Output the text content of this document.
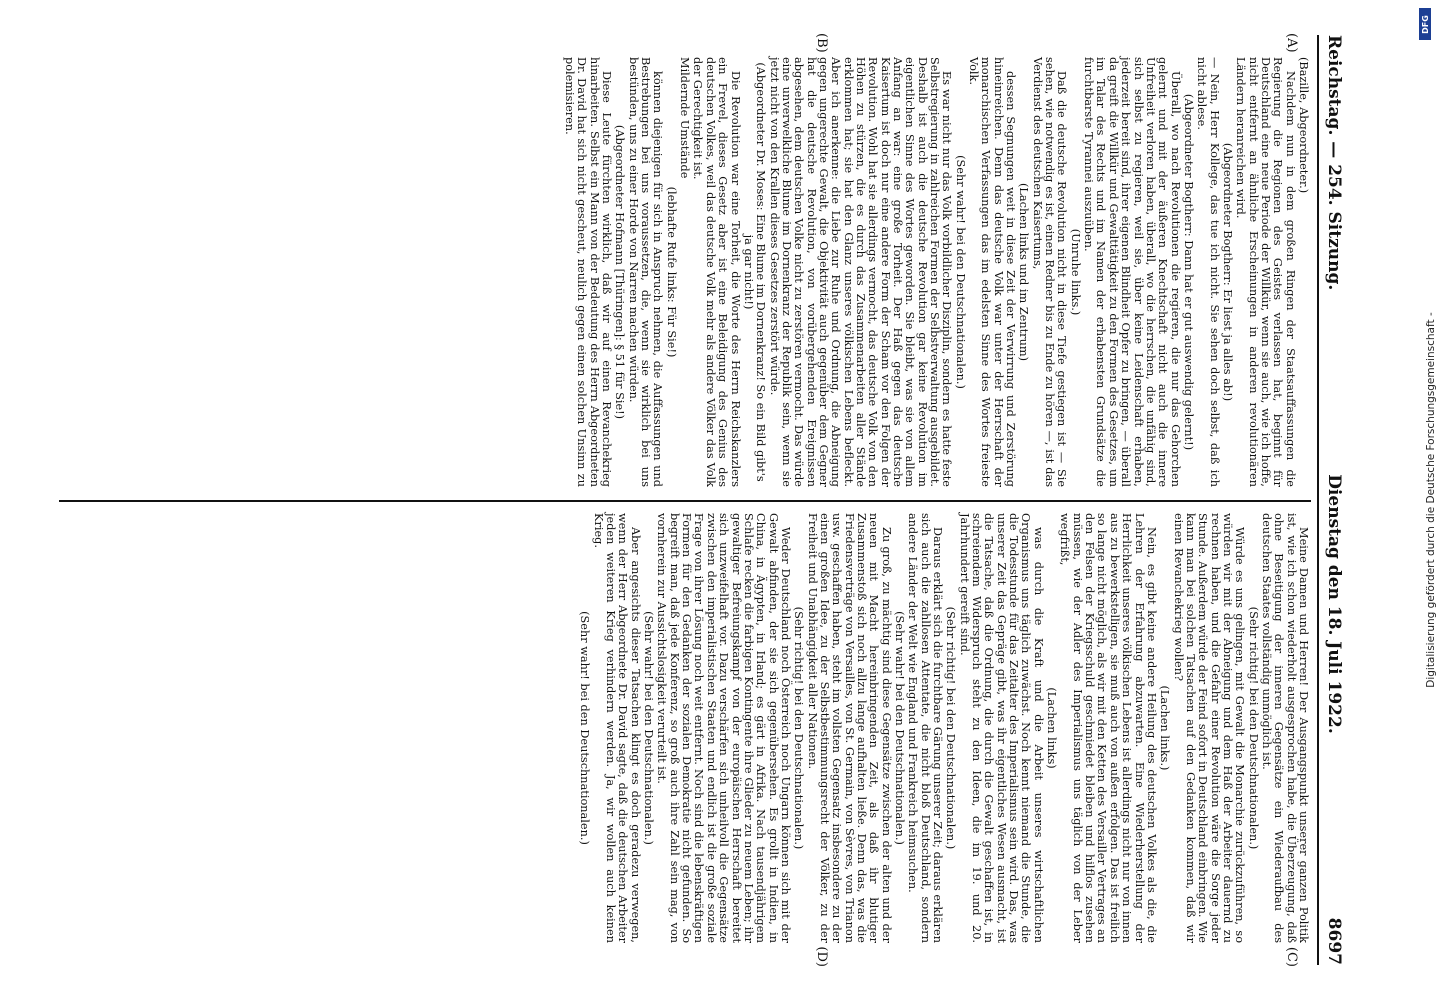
Reichstag. — 254. Sitzung.
Dienstag den 18. Juli 1922.
8697
(A)
(B)
(C)
(D)

(Bazille, Abgeordneter.)

Nachdem nun in dem großen Ringen der Staatsauffassungen die Regierung die Regionen des Geistes verlassen hat, beginnt für Deutschland eine neue Periode der Willkür, wenn sie auch, wie ich hoffe, nicht entfernt an ähnliche Erscheinungen in anderen revolutionären Ländern heranreichen wird.

(Abgeordneter Bogtherr: Er liest ja alles ab!)

— Nein, Herr Kollege, das tue ich nicht. Sie sehen doch selbst, daß ich nicht ablese.

(Abgeordneter Bogtherr: Dann hat er gut auswendig gelernt!)

Überall, wo nach Revolutionen die regieren, die nur das Gehorchen gelernt und mit der äußeren Knechtschaft nicht auch die innere Unfreiheit verloren haben, überall, wo die herrschen, die unfähig sind, sich selbst zu regieren, weil sie, über keine Leidenschaft erhaben, jederzeit bereit sind, ihrer eigenen Blindheit Opfer zu bringen, — überall da greift die Willkür und Gewalttätigkeit zu den Formen des Gesetzes, um im Talar des Rechts und im Namen der erhabensten Grundsätze die furchtbarste Tyrannei auszuüben.

(Unruhe links.)

Daß die deutsche Revolution nicht in diese Tiefe gestiegen ist — Sie sehen, wie notwendig es ist, einen Redner bis zu Ende zu hören —, ist das Verdienst des deutschen Kaisertums,

(Lachen links und im Zentrum)

dessen Segnungen weit in diese Zeit der Verwirrung und Zerstörung hineinreichen. Denn das deutsche Volk war unter der Herrschaft der monarchischen Verfassungen das im edelsten Sinne des Wortes freieste Volk.

(Sehr wahr! bei den Deutschnationalen.)

Es war nicht nur das Volk vorbildlicher Disziplin, sondern es hatte feste Selbstregierung in zahlreichen Formen der Selbstverwaltung ausgebildet. Deshalb ist auch die deutsche Revolution gar keine Revolution im eigentlichen Sinne des Wortes geworden. Sie bleibt, was sie von allem Anfang an war: eine große Torheit. Der Haß gegen das deutsche Kaisertum ist doch nur eine andere Form der Scham vor den Folgen der Revolution. Wohl hat sie allerdings vermocht, das deutsche Volk von den Höhen zu stürzen, die es durch das Zusammenarbeiten aller Stände erklommen hat; sie hat den Glanz unseres völkischen Lebens befleckt. Aber ich anerkenne: die Liebe zur Ruhe und Ordnung, die Abneigung gegen ungerechte Gewalt, die Objektivität auch gegenüber dem Gegner hat die deutsche Revolution, von vorübergehenden Ereignissen abgesehen, dem deutschen Volke nicht zu zerstören vermocht. Das würde eine unverwelkliche Blume im Dornenkranz der Republik sein, wenn sie jetzt nicht von den Krallen dieses Gesetzes zerstört würde.

(Abgeordneter Dr. Moses: Eine Blume im Dornenkranz! So ein Bild gibt's ja gar nicht!)

Die Revolution war eine Torheit, die Worte des Herrn Reichskanzlers ein Frevel, dieses Gesetz aber ist eine Beleidigung des Genius des deutschen Volkes, weil das deutsche Volk mehr als andere Völker das Volk der Gerechtigkeit ist.

Mildernde Umstände

(lebhafte Rufe links: Für Sie!)

können diejenigen für sich in Anspruch nehmen, die Auffassungen und Bestrebungen bei uns voraussetzen, die, wenn sie wirklich bei uns bestünden, uns zu einer Horde von Narren machen würden.

(Abgeordneter Hofmann [Thüringen]: § 51 für Sie!)

Diese Leute fürchten wirklich, daß wir auf einen Revanchekrieg hinarbeiten. Selbst ein Mann von der Bedeutung des Herrn Abgeordneten Dr. David hat sich nicht gescheut, neulich gegen einen solchen Unsinn zu polemisieren.

Meine Damen und Herren! Der Ausgangspunkt unserer ganzen Politik ist, wie ich schon wiederholt ausgesprochen habe, die Überzeugung, daß ohne Beseitigung der inneren Gegensätze ein Wiederaufbau des deutschen Staates vollständig unmöglich ist.

(Sehr richtig! bei den Deutschnationalen.)

Würde es uns gelingen, mit Gewalt die Monarchie zurückzuführen, so würden wir mit der Abneigung und dem Haß der Arbeiter dauernd zu rechnen haben, und die Gefahr einer Revolution wäre die Sorge jeder Stunde. Außerdem würde der Feind sofort in Deutschland einbringen. Wie kann man bei solchen Tatsachen auf den Gedanken kommen, daß wir einen Revanchekrieg wollen?

(Lachen links.)

Nein, es gibt keine andere Heilung des deutschen Volkes als die, die Lehren der Erfahrung abzuwarten. Eine Wiederherstellung der Herrlichkeit unseres völkischen Lebens ist allerdings nicht nur von innen aus zu bewerkstelligen, sie muß auch von außen erfolgen. Das ist freilich so lange nicht möglich, als wir mit den Ketten des Versailler Vertrages an den Felsen der Kriegsschuld geschmiedet bleiben und hilflos zusehen müssen, wie der Adler des Imperialismus uns täglich von der Leber wegfrißt,

(Lachen links)

was durch die Kraft und die Arbeit unseres wirtschaftlichen Organismus uns täglich zuwächst. Noch kennt niemand die Stunde, die die Todesstunde für das Zeitalter des Imperialismus sein wird. Das, was unserer Zeit das Gepräge gibt, was ihr eigentliches Wesen ausmacht, ist die Tatsache, daß die Ordnung, die durch die Gewalt geschaffen ist, in schreiendem Widerspruch steht zu den Ideen, die im 19. und 20. Jahrhundert gereift sind.

(Sehr richtig! bei den Deutschnationalen.)

Daraus erklärt sich die furchtbare Gärung unserer Zeit; daraus erklären sich auch die zahllosen Attentate, die nicht bloß Deutschland, sondern andere Länder der Welt wie England und Frankreich heimsuchen.

(Sehr wahr! bei den Deutschnationalen.)

Zu groß, zu mächtig sind diese Gegensätze zwischen der alten und der neuen mit Macht hereinbringenden Zeit, als daß ihr blutiger Zusammenstoß sich noch allzu lange aufhalten ließe. Denn das, was die Friedensverträge von Versailles, von St. Germain, von Sèvres, von Trianon usw. geschaffen haben, steht im vollsten Gegensatz insbesondere zu der einen großen Idee, zu der Selbstbestimmungsrecht der Völker, zu der Freiheit und Unabhängigkeit aller Nationen.

(Sehr richtig! bei den Deutschnationalen.)

Weder Deutschland noch Österreich noch Ungarn können sich mit der Gewalt abfinden, der sie sich gegenübersehen. Es grollt in Indien, in China, in Ägypten, in Irland; es gärt in Afrika. Nach tausendjährigem Schlafe recken die farbigen Kontingente ihre Glieder zu neuem Leben; ihr gewaltiger Befreiungskampf von der europäischen Herrschaft bereitet sich unzweifelhaft vor. Dazu verschärfen sich unheilvoll die Gegensätze zwischen den imperialistischen Staaten und endlich ist die große soziale Frage von ihrer Lösung noch weit entfernt. Noch sind die lebenskräftigen Formen für den Gedanken der sozialen Demokratie nicht gefunden. So begreift man, daß jede Konferenz, so groß auch ihre Zahl sein mag, von vornherein zur Aussichtslosigkeit verurteilt ist.

(Sehr wahr! bei den Deutschnationalen.)

Aber angesichts dieser Tatsachen klingt es doch geradezu verwegen, wenn der Herr Abgeordnete Dr. David sagte, daß die deutschen Arbeiter jeden weiteren Krieg verhindern werden. Ja, wir wollen auch keinen Krieg.

(Sehr wahr! bei den Deutschnationalen.)

Digitalisierung gefördert durch die Deutsche Forschungsgemeinschaft -
DFG
